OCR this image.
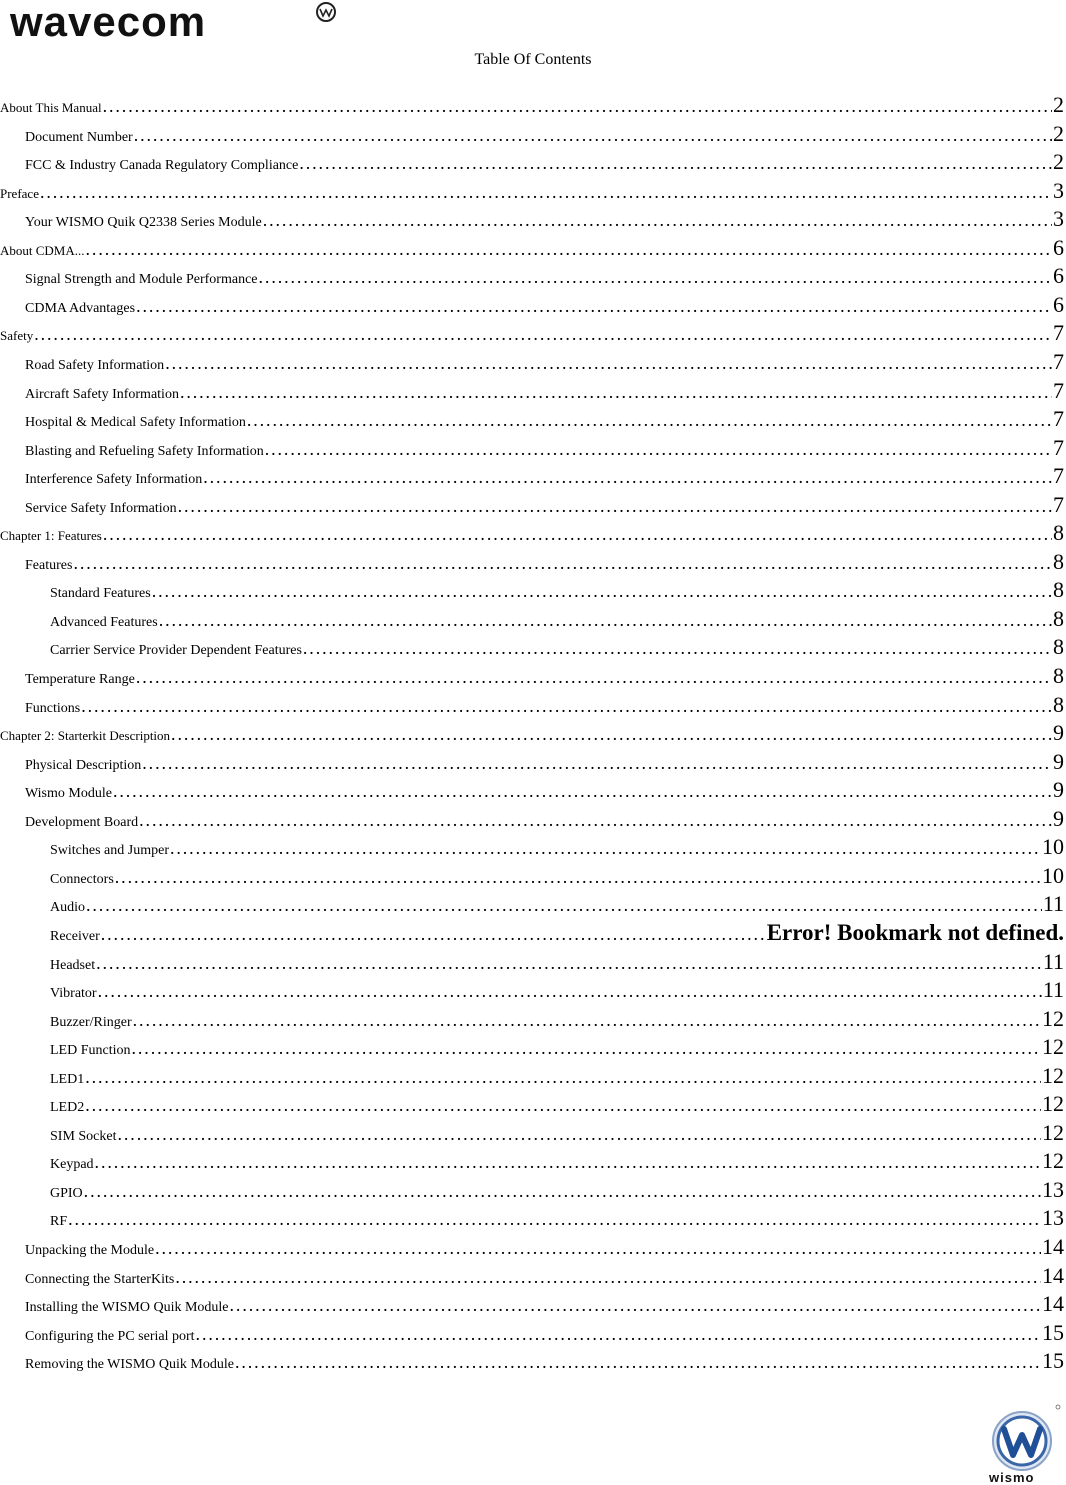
wavecom
Table Of Contents
About This Manual . . .	2
Document Number . . .	2
FCC & Industry Canada Regulatory Compliance . . .	2
Preface . . .	3
Your WISMO Quik Q2338 Series Module . . .	3
About CDMA... . . .	6
Signal Strength and Module Performance . . .	6
CDMA Advantages . . .	6
Safety . . .	7
Road Safety Information . . .	7
Aircraft Safety Information . . .	7
Hospital & Medical Safety Information . . .	7
Blasting and Refueling Safety Information . . .	7
Interference Safety Information . . .	7
Service Safety Information . . .	7
Chapter 1: Features . . .	8
Features . . .	8
Standard Features . . .	8
Advanced Features . . .	8
Carrier Service Provider Dependent Features . . .	8
Temperature Range . . .	8
Functions . . .	8
Chapter 2: Starterkit Description . . .	9
Physical Description . . .	9
Wismo Module . . .	9
Development Board . . .	9
Switches and Jumper . . .	10
Connectors . . .	10
Audio . . .	11
Receiver . . .	Error! Bookmark not defined.
Headset . . .	11
Vibrator . . .	11
Buzzer/Ringer . . .	12
LED Function . . .	12
LED1 . . .	12
LED2 . . .	12
SIM Socket . . .	12
Keypad . . .	12
GPIO . . .	13
RF . . .	13
Unpacking the Module . . .	14
Connecting the StarterKits . . .	14
Installing the WISMO Quik Module . . .	14
Configuring the PC serial port . . .	15
Removing the WISMO Quik Module . . .	15
wismo
